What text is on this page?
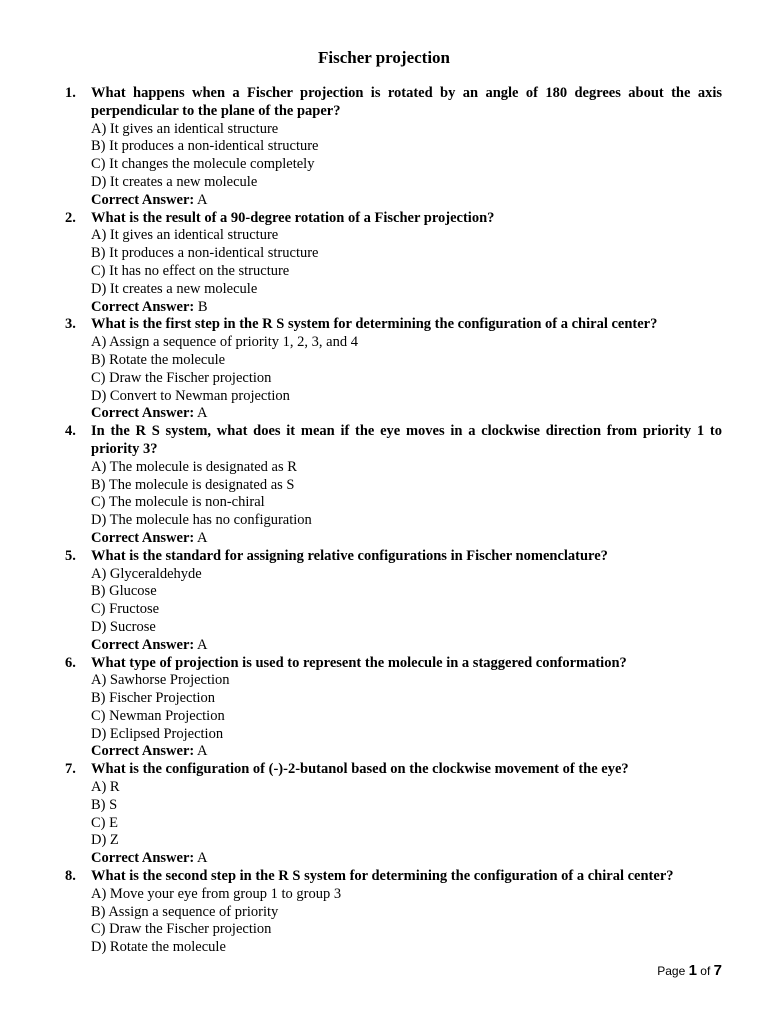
Fischer projection
1. What happens when a Fischer projection is rotated by an angle of 180 degrees about the axis perpendicular to the plane of the paper?
A) It gives an identical structure
B) It produces a non-identical structure
C) It changes the molecule completely
D) It creates a new molecule
Correct Answer: A
2. What is the result of a 90-degree rotation of a Fischer projection?
A) It gives an identical structure
B) It produces a non-identical structure
C) It has no effect on the structure
D) It creates a new molecule
Correct Answer: B
3. What is the first step in the R S system for determining the configuration of a chiral center?
A) Assign a sequence of priority 1, 2, 3, and 4
B) Rotate the molecule
C) Draw the Fischer projection
D) Convert to Newman projection
Correct Answer: A
4. In the R S system, what does it mean if the eye moves in a clockwise direction from priority 1 to priority 3?
A) The molecule is designated as R
B) The molecule is designated as S
C) The molecule is non-chiral
D) The molecule has no configuration
Correct Answer: A
5. What is the standard for assigning relative configurations in Fischer nomenclature?
A) Glyceraldehyde
B) Glucose
C) Fructose
D) Sucrose
Correct Answer: A
6. What type of projection is used to represent the molecule in a staggered conformation?
A) Sawhorse Projection
B) Fischer Projection
C) Newman Projection
D) Eclipsed Projection
Correct Answer: A
7. What is the configuration of (-)-2-butanol based on the clockwise movement of the eye?
A) R
B) S
C) E
D) Z
Correct Answer: A
8. What is the second step in the R S system for determining the configuration of a chiral center?
A) Move your eye from group 1 to group 3
B) Assign a sequence of priority
C) Draw the Fischer projection
D) Rotate the molecule
Page 1 of 7
